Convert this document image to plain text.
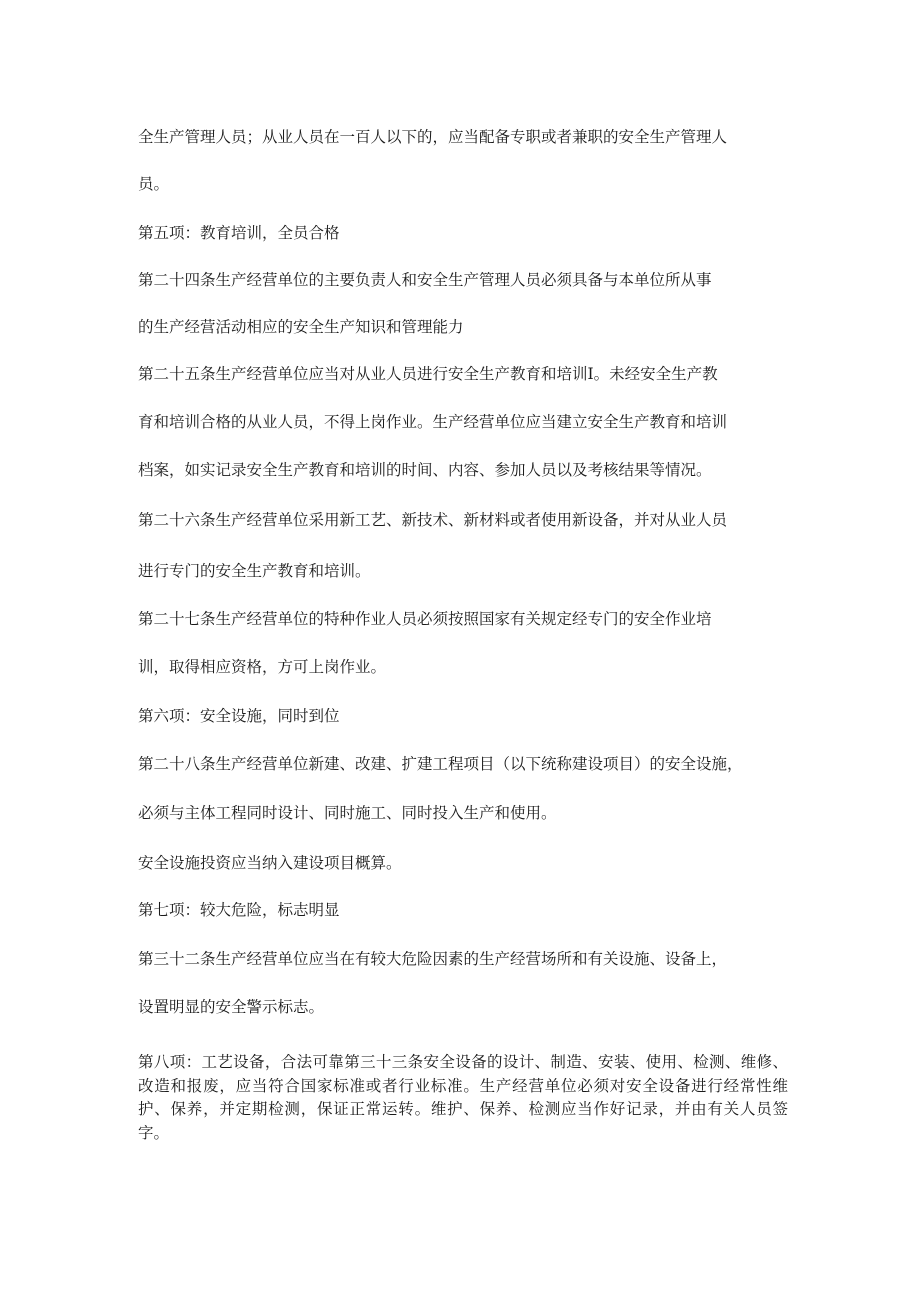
全生产管理人员；从业人员在一百人以下的，应当配备专职或者兼职的安全生产管理人

员。

第五项：教育培训，全员合格

第二十四条生产经营单位的主要负责人和安全生产管理人员必须具备与本单位所从事

的生产经营活动相应的安全生产知识和管理能力

第二十五条生产经营单位应当对从业人员进行安全生产教育和培训I。未经安全生产教

育和培训合格的从业人员，不得上岗作业。生产经营单位应当建立安全生产教育和培训

档案，如实记录安全生产教育和培训的时间、内容、参加人员以及考核结果等情况。

第二十六条生产经营单位采用新工艺、新技术、新材料或者使用新设备，并对从业人员

进行专门的安全生产教育和培训。

第二十七条生产经营单位的特种作业人员必须按照国家有关规定经专门的安全作业培

训，取得相应资格，方可上岗作业。

第六项：安全设施，同时到位

第二十八条生产经营单位新建、改建、扩建工程项目（以下统称建设项目）的安全设施，

必须与主体工程同时设计、同时施工、同时投入生产和使用。

安全设施投资应当纳入建设项目概算。

第七项：较大危险，标志明显

第三十二条生产经营单位应当在有较大危险因素的生产经营场所和有关设施、设备上，

设置明显的安全警示标志。

第八项：工艺设备，合法可靠第三十三条安全设备的设计、制造、安装、使用、检测、维修、改造和报废，应当符合国家标准或者行业标准。生产经营单位必须对安全设备进行经常性维护、保养，并定期检测，保证正常运转。维护、保养、检测应当作好记录，并由有关人员签字。
